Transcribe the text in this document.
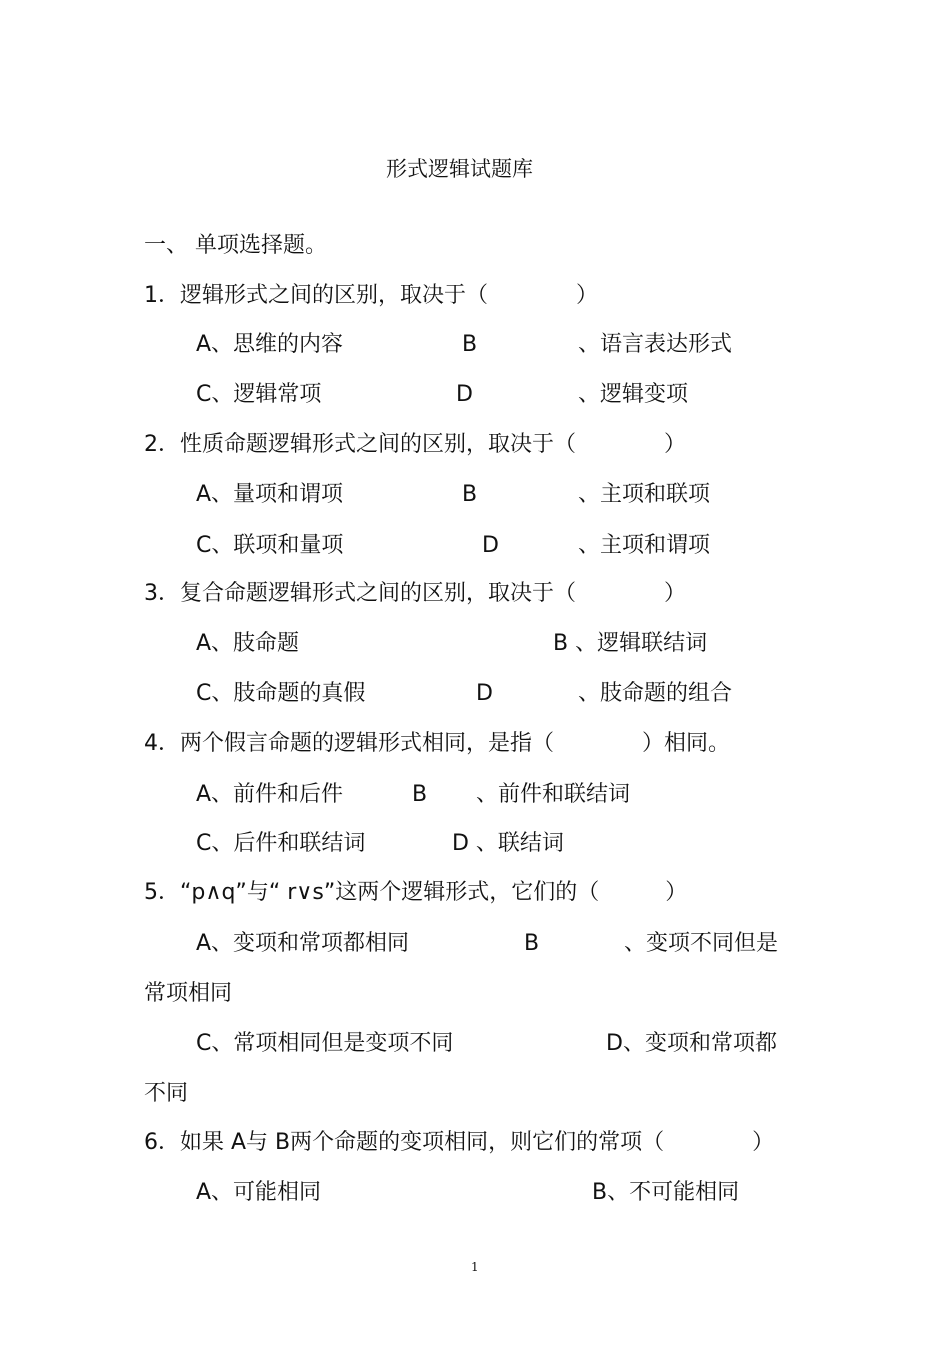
形式逻辑试题库
一、 单项选择题。
1．逻辑形式之间的区别，取决于（　　　　）
A、思维的内容	B	、语言表达形式
C、逻辑常项	D	、逻辑变项
2．性质命题逻辑形式之间的区别，取决于（　　　　）
A、量项和谓项	B	、主项和联项
C、联项和量项	D	、主项和谓项
3．复合命题逻辑形式之间的区别，取决于（　　　　）
A、肢命题	B 、逻辑联结词
C、肢命题的真假	D	、肢命题的组合
4．两个假言命题的逻辑形式相同，是指（　　　　）相同。
A、前件和后件	B 、前件和联结词
C、后件和联结词	D 、联结词
5．“p∧q”与“ r∨s”这两个逻辑形式，它们的（　　　）
A、变项和常项都相同	B	、变项不同但是
常项相同
C、常项相同但是变项不同	D、变项和常项都
不同
6．如果 A与 B两个命题的变项相同，则它们的常项（　　　　）
A、可能相同	B、不可能相同
1
